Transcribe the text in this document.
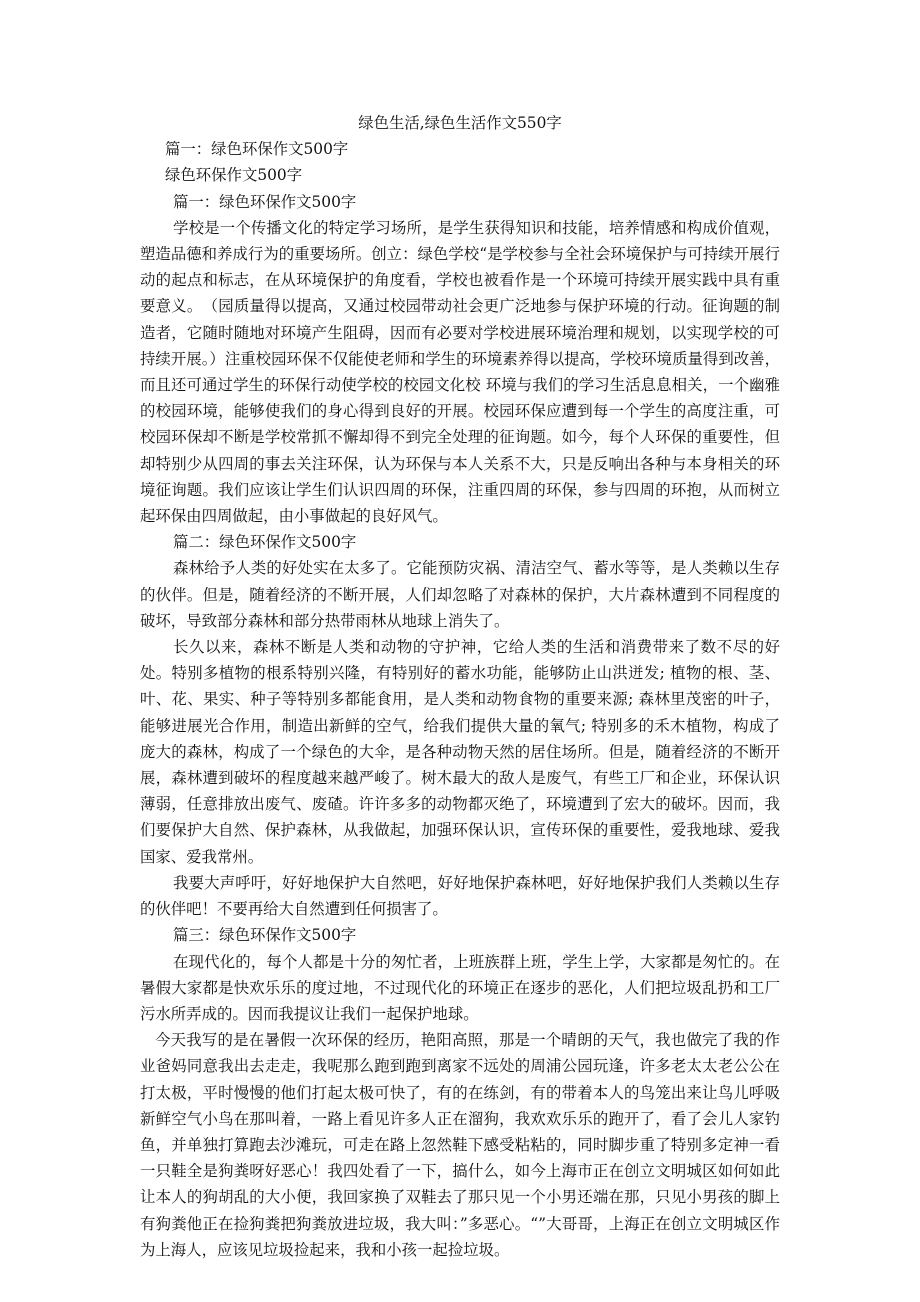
绿色生活,绿色生活作文550字

篇一：绿色环保作文500字

绿色环保作文500字

篇一：绿色环保作文500字

学校是一个传播文化的特定学习场所，是学生获得知识和技能，培养情感和构成价值观，塑造品德和养成行为的重要场所。创立：绿色学校“是学校参与全社会环境保护与可持续开展行动的起点和标志，在从环境保护的角度看，学校也被看作是一个环境可持续开展实践中具有重要意义。　（园质量得以提高，又通过校园带动社会更广泛地参与保护环境的行动。征询题的制造者，它随时随地对环境产生阻碍，因而有必要对学校进展环境治理和规划，以实现学校的可持续开展。）注重校园环保不仅能使老师和学生的环境素养得以提高，学校环境质量得到改善，而且还可通过学生的环保行动使学校的校园文化校 环境与我们的学习生活息息相关，一个幽雅的校园环境，能够使我们的身心得到良好的开展。校园环保应遭到每一个学生的高度注重，可校园环保却不断是学校常抓不懈却得不到完全处理的征询题。如今，每个人环保的重要性，但却特别少从四周的事去关注环保，认为环保与本人关系不大，只是反响出各种与本身相关的环境征询题。我们应该让学生们认识四周的环保，注重四周的环保，参与四周的环抱，从而树立起环保由四周做起，由小事做起的良好风气。

篇二：绿色环保作文500字

森林给予人类的好处实在太多了。它能预防灾祸、清洁空气、蓄水等等，是人类赖以生存的伙伴。但是，随着经济的不断开展，人们却忽略了对森林的保护，大片森林遭到不同程度的破坏，导致部分森林和部分热带雨林从地球上消失了。

长久以来，森林不断是人类和动物的守护神，它给人类的生活和消费带来了数不尽的好处。特别多植物的根系特别兴隆，有特别好的蓄水功能，能够防止山洪迸发; 植物的根、茎、叶、花、果实、种子等特别多都能食用，是人类和动物食物的重要来源; 森林里茂密的叶子，能够进展光合作用，制造出新鲜的空气，给我们提供大量的氧气; 特别多的禾木植物，构成了庞大的森林，构成了一个绿色的大伞，是各种动物天然的居住场所。但是，随着经济的不断开展，森林遭到破坏的程度越来越严峻了。树木最大的敌人是废气，有些工厂和企业，环保认识薄弱，任意排放出废气、废碴。许许多多的动物都灭绝了，环境遭到了宏大的破坏。因而，我们要保护大自然、保护森林，从我做起，加强环保认识，宣传环保的重要性，爱我地球、爱我国家、爱我常州。

我要大声呼吁，好好地保护大自然吧，好好地保护森林吧，好好地保护我们人类赖以生存的伙伴吧！不要再给大自然遭到任何损害了。

篇三：绿色环保作文500字

在现代化的，每个人都是十分的匆忙者，上班族群上班，学生上学，大家都是匆忙的。在暑假大家都是快欢乐乐的度过地，不过现代化的环境正在逐步的恶化，人们把垃圾乱扔和工厂污水所弄成的。因而我提议让我们一起保护地球。

今天我写的是在暑假一次环保的经历，艳阳高照，那是一个晴朗的天气，我也做完了我的作业爸妈同意我出去走走，我呢那么跑到跑到离家不远处的周浦公园玩逢，许多老太太老公公在打太极，平时慢慢的他们打起太极可快了，有的在练剑，有的带着本人的鸟笼出来让鸟儿呼吸新鲜空气小鸟在那叫着，一路上看见许多人正在溜狗，我欢欢乐乐的跑开了，看了会儿人家钓鱼，并单独打算跑去沙滩玩，可走在路上忽然鞋下感受粘粘的，同时脚步重了特别多定神一看一只鞋全是狗粪呀好恶心！我四处看了一下，搞什么，如今上海市正在创立文明城区如何如此让本人的狗胡乱的大小便，我回家换了双鞋去了那只见一个小男还端在那，只见小男孩的脚上有狗粪他正在捡狗粪把狗粪放进垃圾，我大叫：”多恶心。“”大哥哥，上海正在创立文明城区作为上海人，应该见垃圾捡起来，我和小孩一起捡垃圾。
